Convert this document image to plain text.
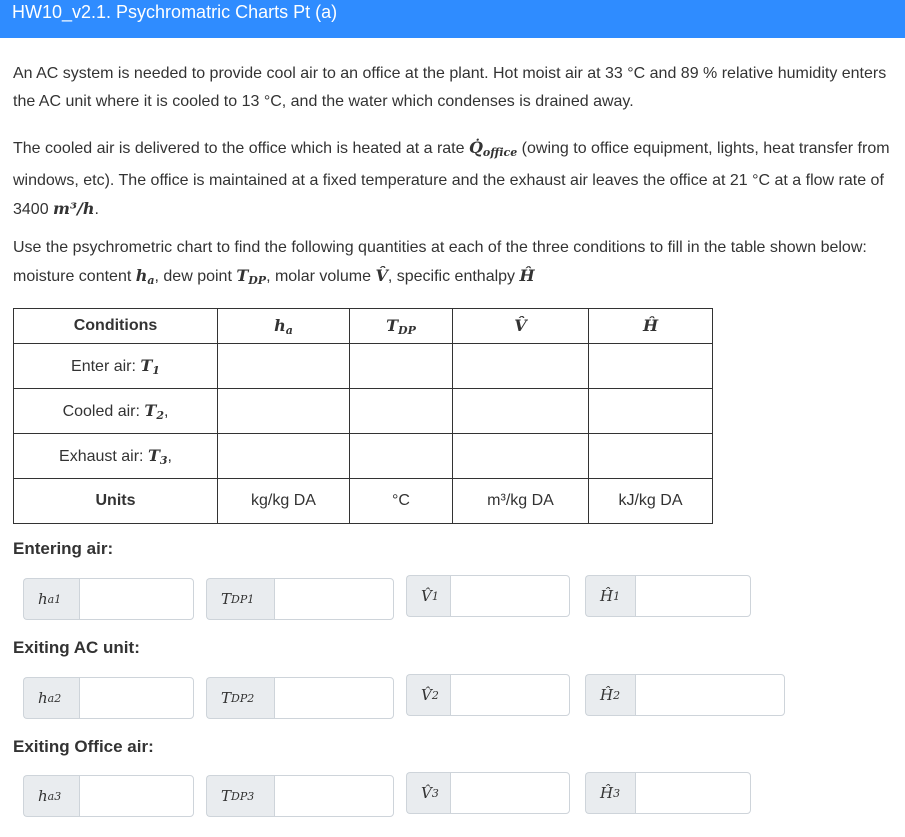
HW10_v2.1. Psychromatric Charts Pt (a)
An AC system is needed to provide cool air to an office at the plant. Hot moist air at 33 °C and 89 % relative humidity enters the AC unit where it is cooled to 13 °C, and the water which condenses is drained away.
The cooled air is delivered to the office which is heated at a rate $Q̇_{office}$ (owing to office equipment, lights, heat transfer from windows, etc). The office is maintained at a fixed temperature and the exhaust air leaves the office at 21 °C at a flow rate of 3400 m³/h.
Use the psychrometric chart to find the following quantities at each of the three conditions to fill in the table shown below: moisture content $h_a$, dew point $T_{DP}$, molar volume V̂, specific enthalpy Ĥ
Conditions	$h_a$	$T_{DP}$	V̂	Ĥ
Enter air: $T_1$				
Cooled air: $T_2$,				
Exhaust air: $T_3$,				
Units	kg/kg DA	°C	m³/kg DA	kJ/kg DA
Entering air:
h a1	T DP1	V̂ 1	Ĥ 1
Exiting AC unit:
h a2	T DP2	V̂ 2	Ĥ 2
Exiting Office air:
h a3	T DP3	V̂ 3	Ĥ 3
